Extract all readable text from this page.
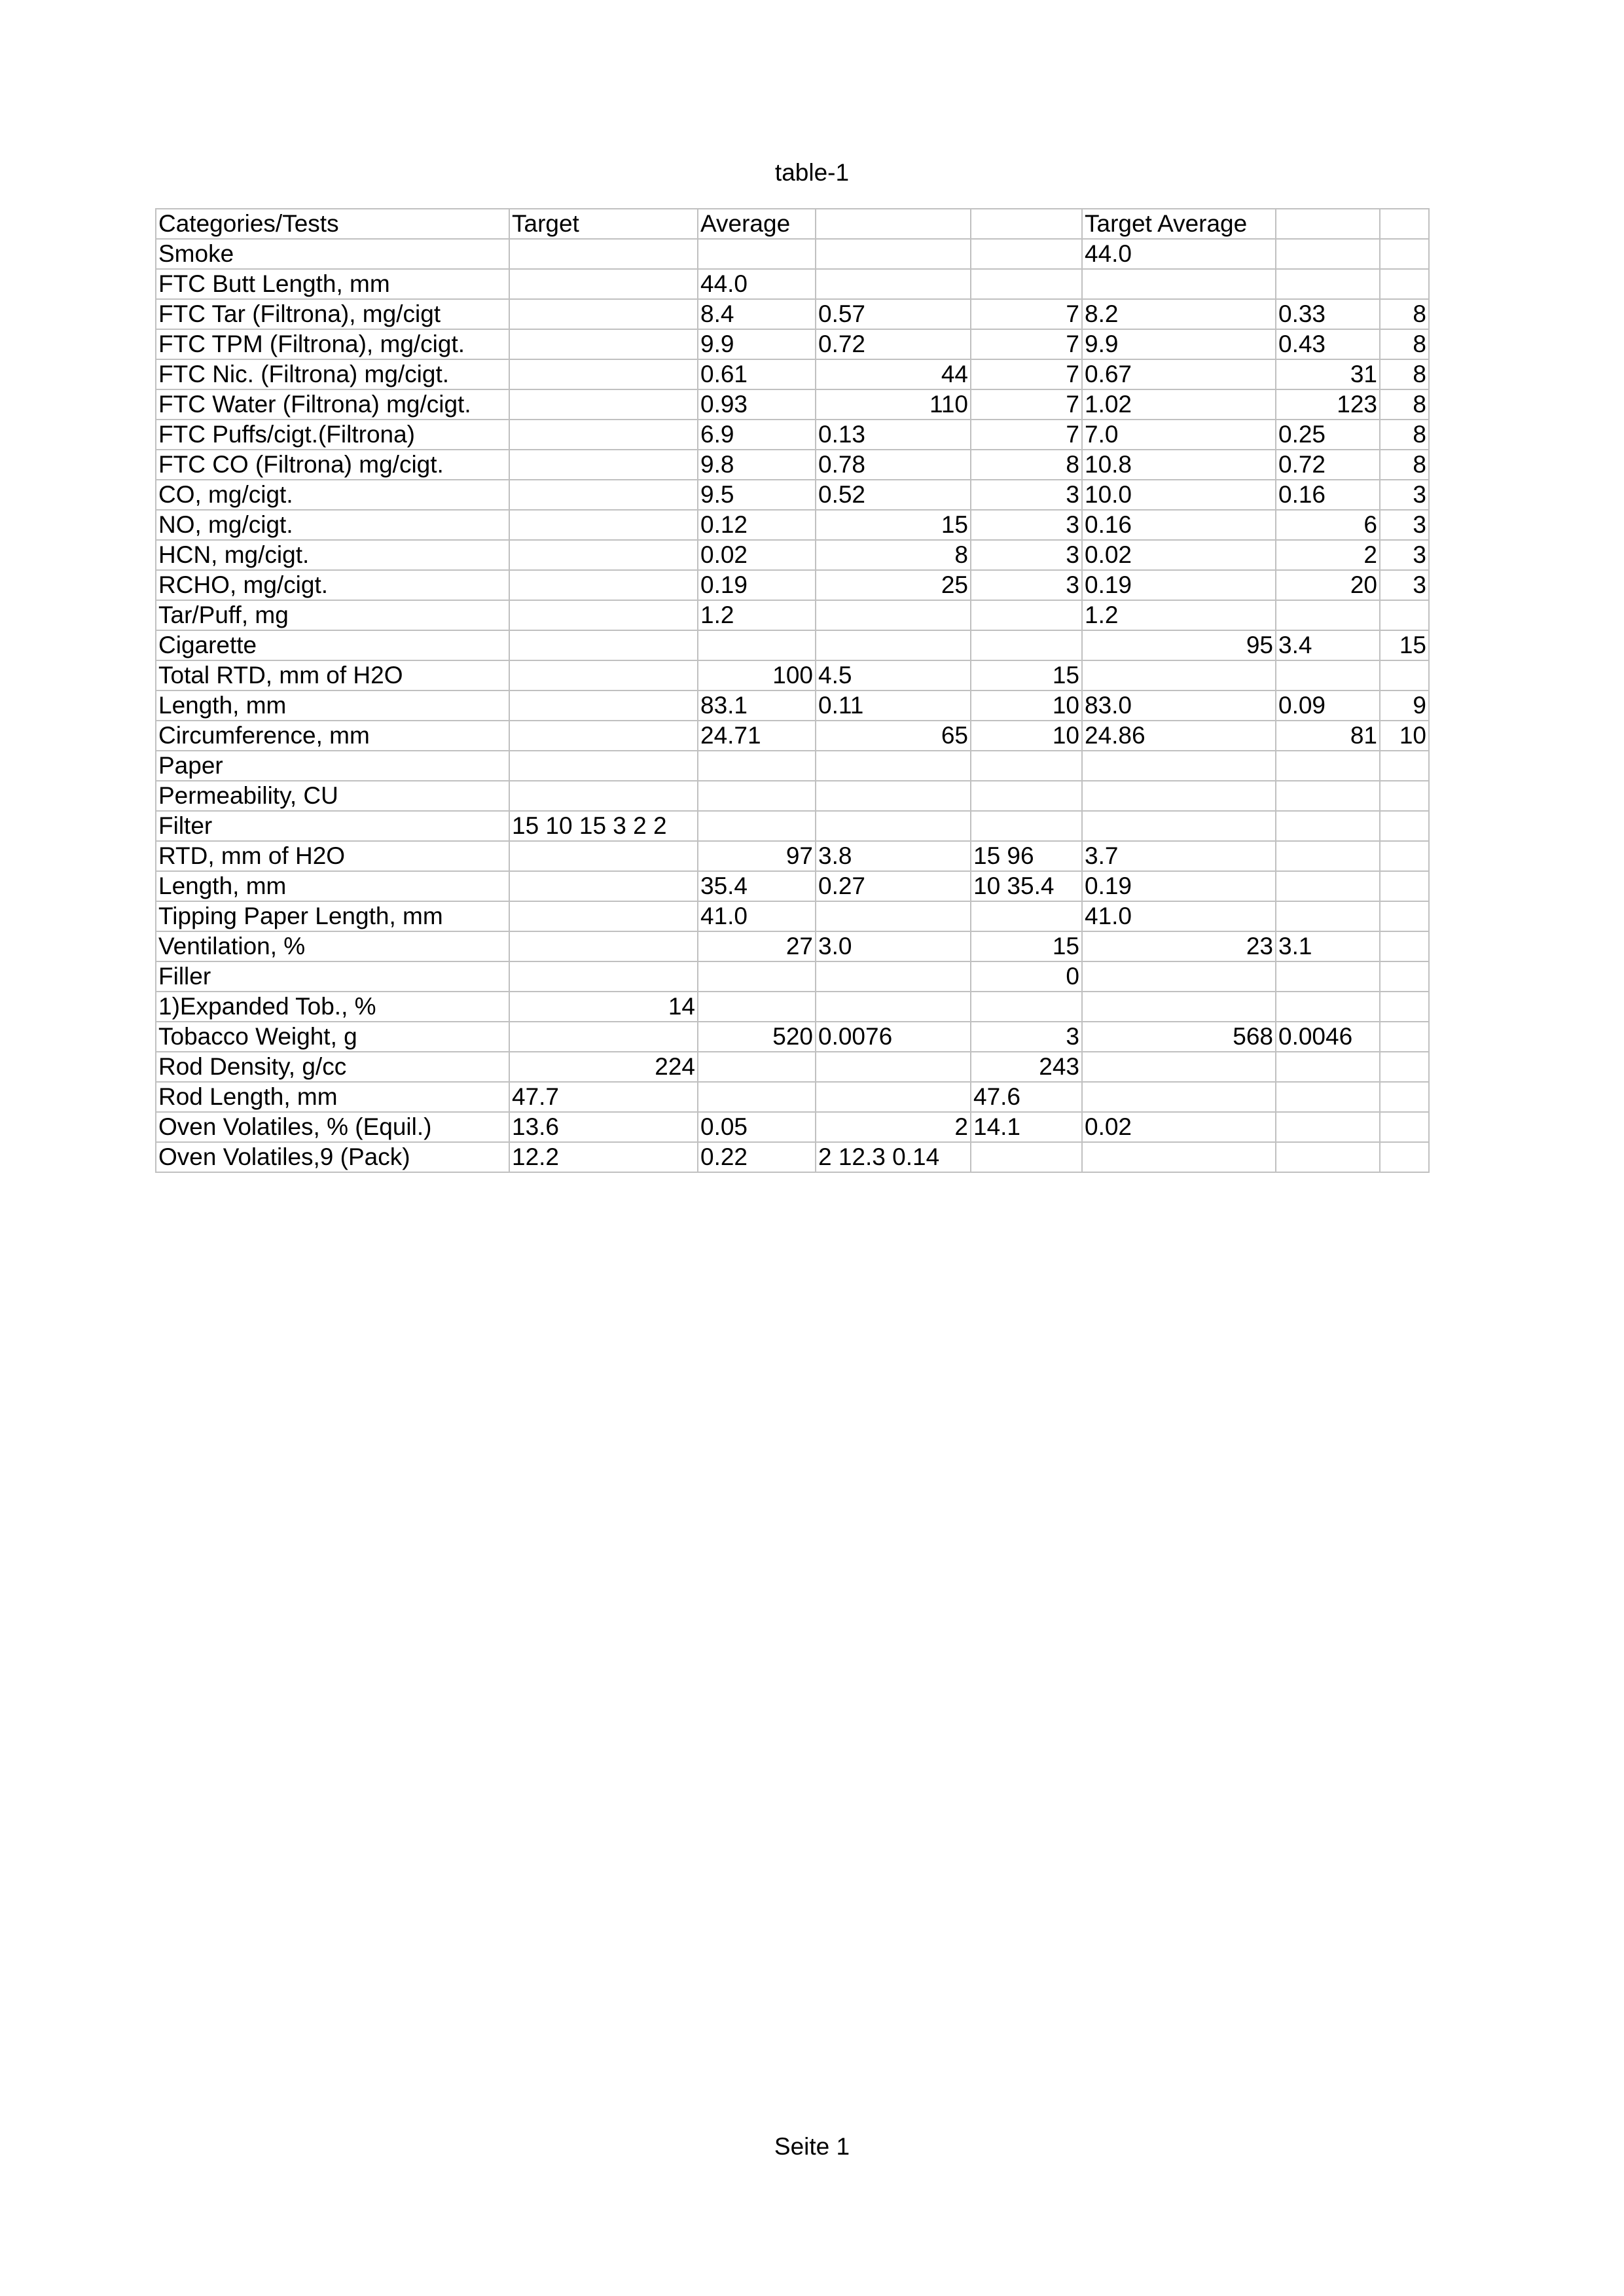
table-1
Categories/Tests	Target	Average			Target Average		
Smoke					44.0		
FTC Butt Length, mm		44.0					
FTC Tar (Filtrona), mg/cigt		8.4	0.57	7	8.2	0.33	8
FTC TPM (Filtrona), mg/cigt.		9.9	0.72	7	9.9	0.43	8
FTC Nic. (Filtrona) mg/cigt.		0.61	44	7	0.67	31	8
FTC Water (Filtrona) mg/cigt.		0.93	110	7	1.02	123	8
FTC Puffs/cigt.(Filtrona)		6.9	0.13	7	7.0	0.25	8
FTC CO (Filtrona) mg/cigt.		9.8	0.78	8	10.8	0.72	8
CO, mg/cigt.		9.5	0.52	3	10.0	0.16	3
NO, mg/cigt.		0.12	15	3	0.16	6	3
HCN, mg/cigt.		0.02	8	3	0.02	2	3
RCHO, mg/cigt.		0.19	25	3	0.19	20	3
Tar/Puff, mg		1.2			1.2		
Cigarette					95	3.4	15
Total RTD, mm of H2O		100	4.5	15			
Length, mm		83.1	0.11	10	83.0	0.09	9
Circumference, mm		24.71	65	10	24.86	81	10
Paper							
Permeability, CU							
Filter	15 10 15 3 2 2						
RTD, mm of H2O		97	3.8	15 96	3.7		
Length, mm		35.4	0.27	10 35.4	0.19		
Tipping Paper Length, mm		41.0			41.0		
Ventilation, %		27	3.0	15	23	3.1	
Filler				0			
1)Expanded Tob., %	14						
Tobacco Weight, g		520	0.0076	3	568	0.0046	
Rod Density, g/cc	224			243			
Rod Length, mm	47.7			47.6			
Oven Volatiles, % (Equil.)	13.6	0.05	2	14.1	0.02		
Oven Volatiles,9 (Pack)	12.2	0.22	2 12.3 0.14				
Seite 1
